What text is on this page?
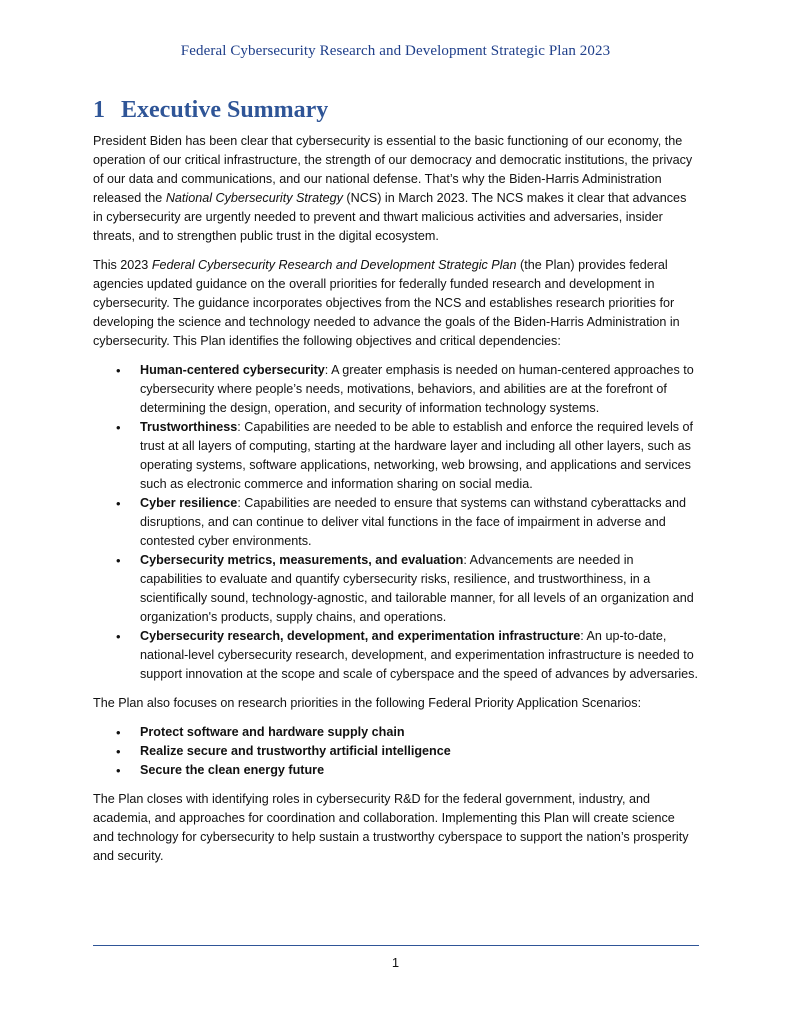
Federal Cybersecurity Research and Development Strategic Plan 2023
1 Executive Summary

President Biden has been clear that cybersecurity is essential to the basic functioning of our economy, the operation of our critical infrastructure, the strength of our democracy and democratic institutions, the privacy of our data and communications, and our national defense. That’s why the Biden-Harris Administration released the National Cybersecurity Strategy (NCS) in March 2023. The NCS makes it clear that advances in cybersecurity are urgently needed to prevent and thwart malicious activities and adversaries, insider threats, and to strengthen public trust in the digital ecosystem.

This 2023 Federal Cybersecurity Research and Development Strategic Plan (the Plan) provides federal agencies updated guidance on the overall priorities for federally funded research and development in cybersecurity. The guidance incorporates objectives from the NCS and establishes research priorities for developing the science and technology needed to advance the goals of the Biden-Harris Administration in cybersecurity. This Plan identifies the following objectives and critical dependencies:

• Human-centered cybersecurity: A greater emphasis is needed on human-centered approaches to cybersecurity where people’s needs, motivations, behaviors, and abilities are at the forefront of determining the design, operation, and security of information technology systems.
• Trustworthiness: Capabilities are needed to be able to establish and enforce the required levels of trust at all layers of computing, starting at the hardware layer and including all other layers, such as operating systems, software applications, networking, web browsing, and applications and services such as electronic commerce and information sharing on social media.
• Cyber resilience: Capabilities are needed to ensure that systems can withstand cyberattacks and disruptions, and can continue to deliver vital functions in the face of impairment in adverse and contested cyber environments.
• Cybersecurity metrics, measurements, and evaluation: Advancements are needed in capabilities to evaluate and quantify cybersecurity risks, resilience, and trustworthiness, in a scientifically sound, technology-agnostic, and tailorable manner, for all levels of an organization and organization's products, supply chains, and operations.
• Cybersecurity research, development, and experimentation infrastructure: An up-to-date, national-level cybersecurity research, development, and experimentation infrastructure is needed to support innovation at the scope and scale of cyberspace and the speed of advances by adversaries.

The Plan also focuses on research priorities in the following Federal Priority Application Scenarios:

• Protect software and hardware supply chain
• Realize secure and trustworthy artificial intelligence
• Secure the clean energy future

The Plan closes with identifying roles in cybersecurity R&D for the federal government, industry, and academia, and approaches for coordination and collaboration. Implementing this Plan will create science and technology for cybersecurity to help sustain a trustworthy cyberspace to support the nation’s prosperity and security.

1
